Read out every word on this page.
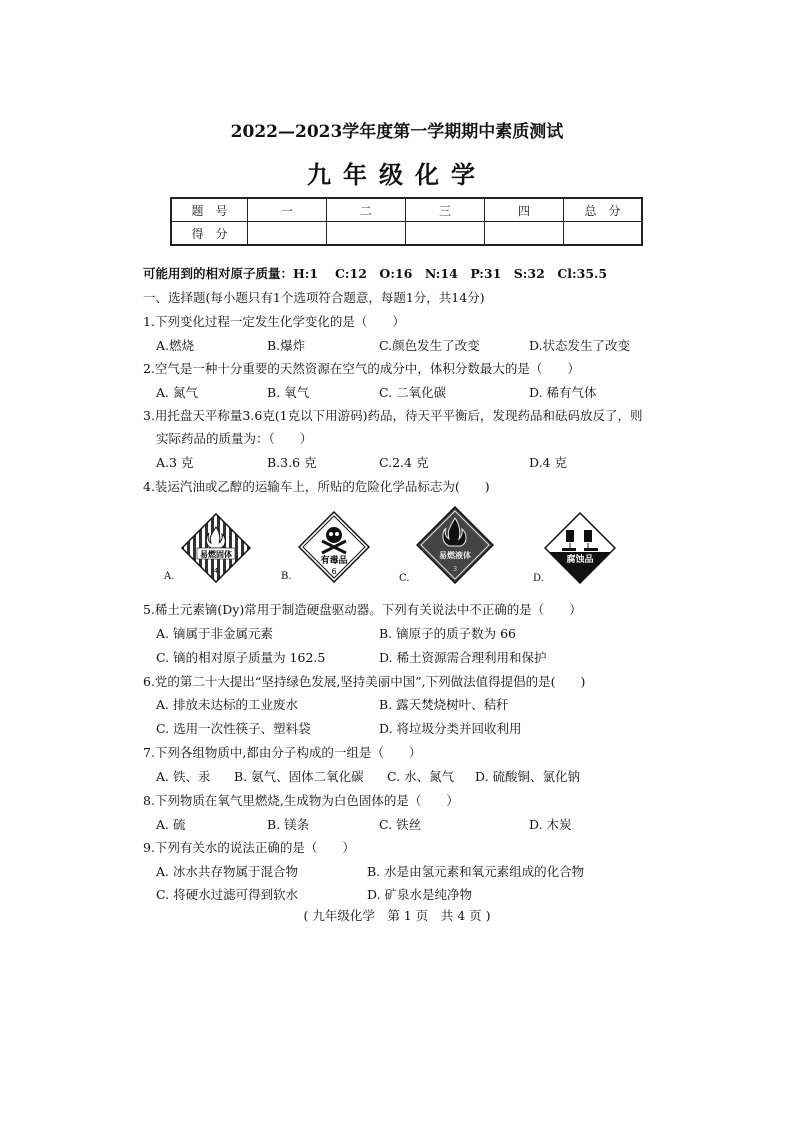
2022—2023学年度第一学期期中素质测试
九年级化学
题　号	一	二	三	四	总　分
得　分					
可能用到的相对原子质量：H:1　 C:12　O:16　N:14　P:31　S:32　Cl:35.5
一、选择题(每小题只有1个选项符合题意，每题1分，共14分)
1.下列变化过程一定发生化学变化的是（　　）
A.燃烧	B.爆炸	C.颜色发生了改变	D.状态发生了改变
2.空气是一种十分重要的天然资源在空气的成分中，体积分数最大的是（　　）
A. 氮气	B. 氧气	C. 二氧化碳	D. 稀有气体
3.用托盘天平称量3.6克(1克以下用游码)药品，待天平平衡后，发现药品和砝码放反了，则
实际药品的质量为：（　　）
A.3 克	B.3.6 克	C.2.4 克	D.4 克
4.装运汽油或乙醇的运输车上，所贴的危险化学品标志为(　　)
易燃固体
4
A.
有毒品
6
B.
易燃液体
3
C.
腐蚀品
D.
5.稀土元素镝(Dy)常用于制造硬盘驱动器。下列有关说法中不正确的是（　　）
A. 镝属于非金属元素	B. 镝原子的质子数为 66
C. 镝的相对原子质量为 162.5	D. 稀土资源需合理利用和保护
6.党的第二十大提出“坚持绿色发展,坚持美丽中国”,下列做法值得提倡的是(　　)
A. 排放未达标的工业废水	B. 露天焚烧树叶、秸秆
C. 选用一次性筷子、塑料袋	D. 将垃圾分类并回收利用
7.下列各组物质中,都由分子构成的一组是（　　）
A. 铁、汞 B. 氨气、固体二氧化碳 C. 水、氮气 D. 硫酸铜、氯化钠
8.下列物质在氧气里燃烧,生成物为白色固体的是（　　）
A. 硫	B. 镁条	C. 铁丝	D. 木炭
9.下列有关水的说法正确的是（　　）
A. 冰水共存物属于混合物	B. 水是由氢元素和氧元素组成的化合物
C. 将硬水过滤可得到软水	D. 矿泉水是纯净物
( 九年级化学　第 1 页　共 4 页 )
